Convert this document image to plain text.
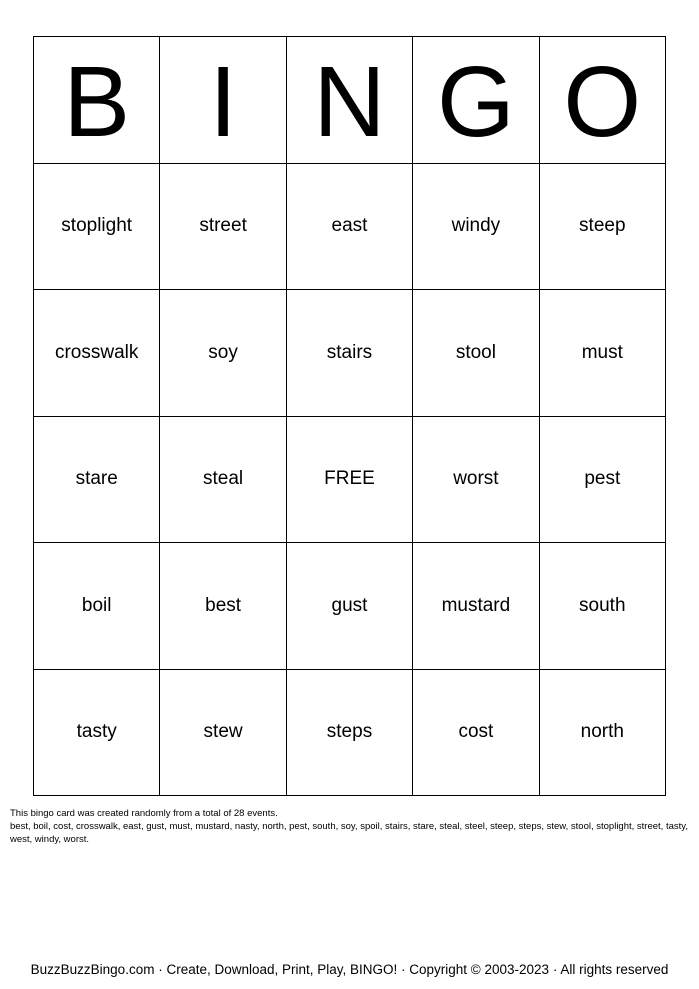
B I N G O
stoplight	street	east	windy	steep
crosswalk	soy	stairs	stool	must
stare	steal	FREE	worst	pest
boil	best	gust	mustard	south
tasty	stew	steps	cost	north

This bingo card was created randomly from a total of 28 events.

best, boil, cost, crosswalk, east, gust, must, mustard, nasty, north, pest, south, soy, spoil, stairs, stare, steal, steel, steep, steps, stew, stool, stoplight, street, tasty, west, windy, worst.

BuzzBuzzBingo.com · Create, Download, Print, Play, BINGO! · Copyright © 2003-2023 · All rights reserved
